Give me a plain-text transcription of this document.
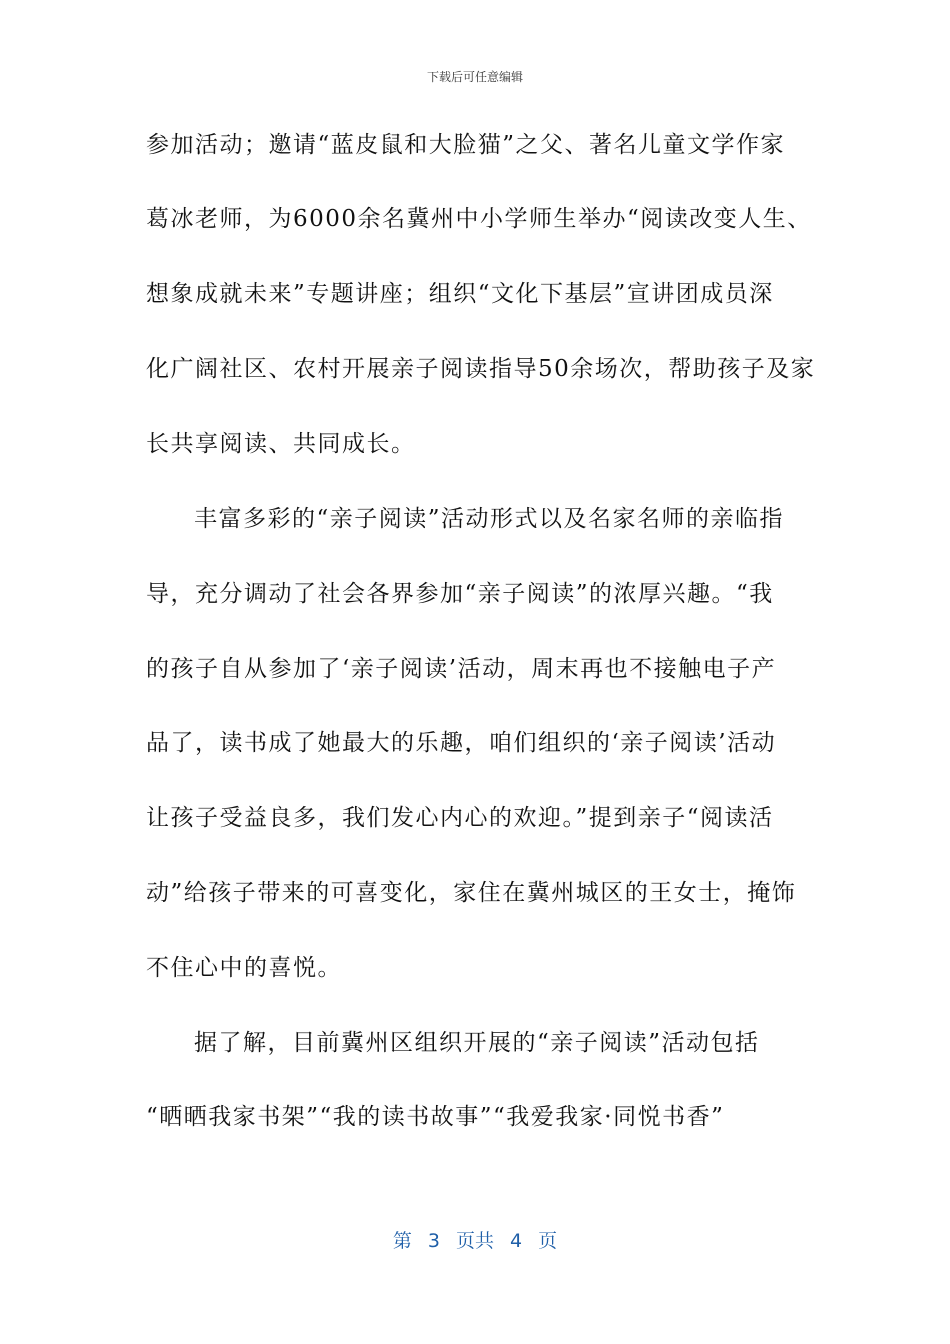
下载后可任意编辑
参加活动；邀请“蓝皮鼠和大脸猫”之父、著名儿童文学作家
葛冰老师，为6000余名冀州中小学师生举办“阅读改变人生、
想象成就未来”专题讲座；组织“文化下基层”宣讲团成员深
化广阔社区、农村开展亲子阅读指导50余场次，帮助孩子及家
长共享阅读、共同成长。
丰富多彩的“亲子阅读”活动形式以及名家名师的亲临指
导，充分调动了社会各界参加“亲子阅读”的浓厚兴趣。“我
的孩子自从参加了‘亲子阅读’活动，周末再也不接触电子产
品了，读书成了她最大的乐趣，咱们组织的‘亲子阅读’活动
让孩子受益良多，我们发心内心的欢迎。”提到亲子“阅读活
动”给孩子带来的可喜变化，家住在冀州城区的王女士，掩饰
不住心中的喜悦。
据了解，目前冀州区组织开展的“亲子阅读”活动包括
“晒晒我家书架”“我的读书故事”“我爱我家·同悦书香”
第 3 页共 4 页
